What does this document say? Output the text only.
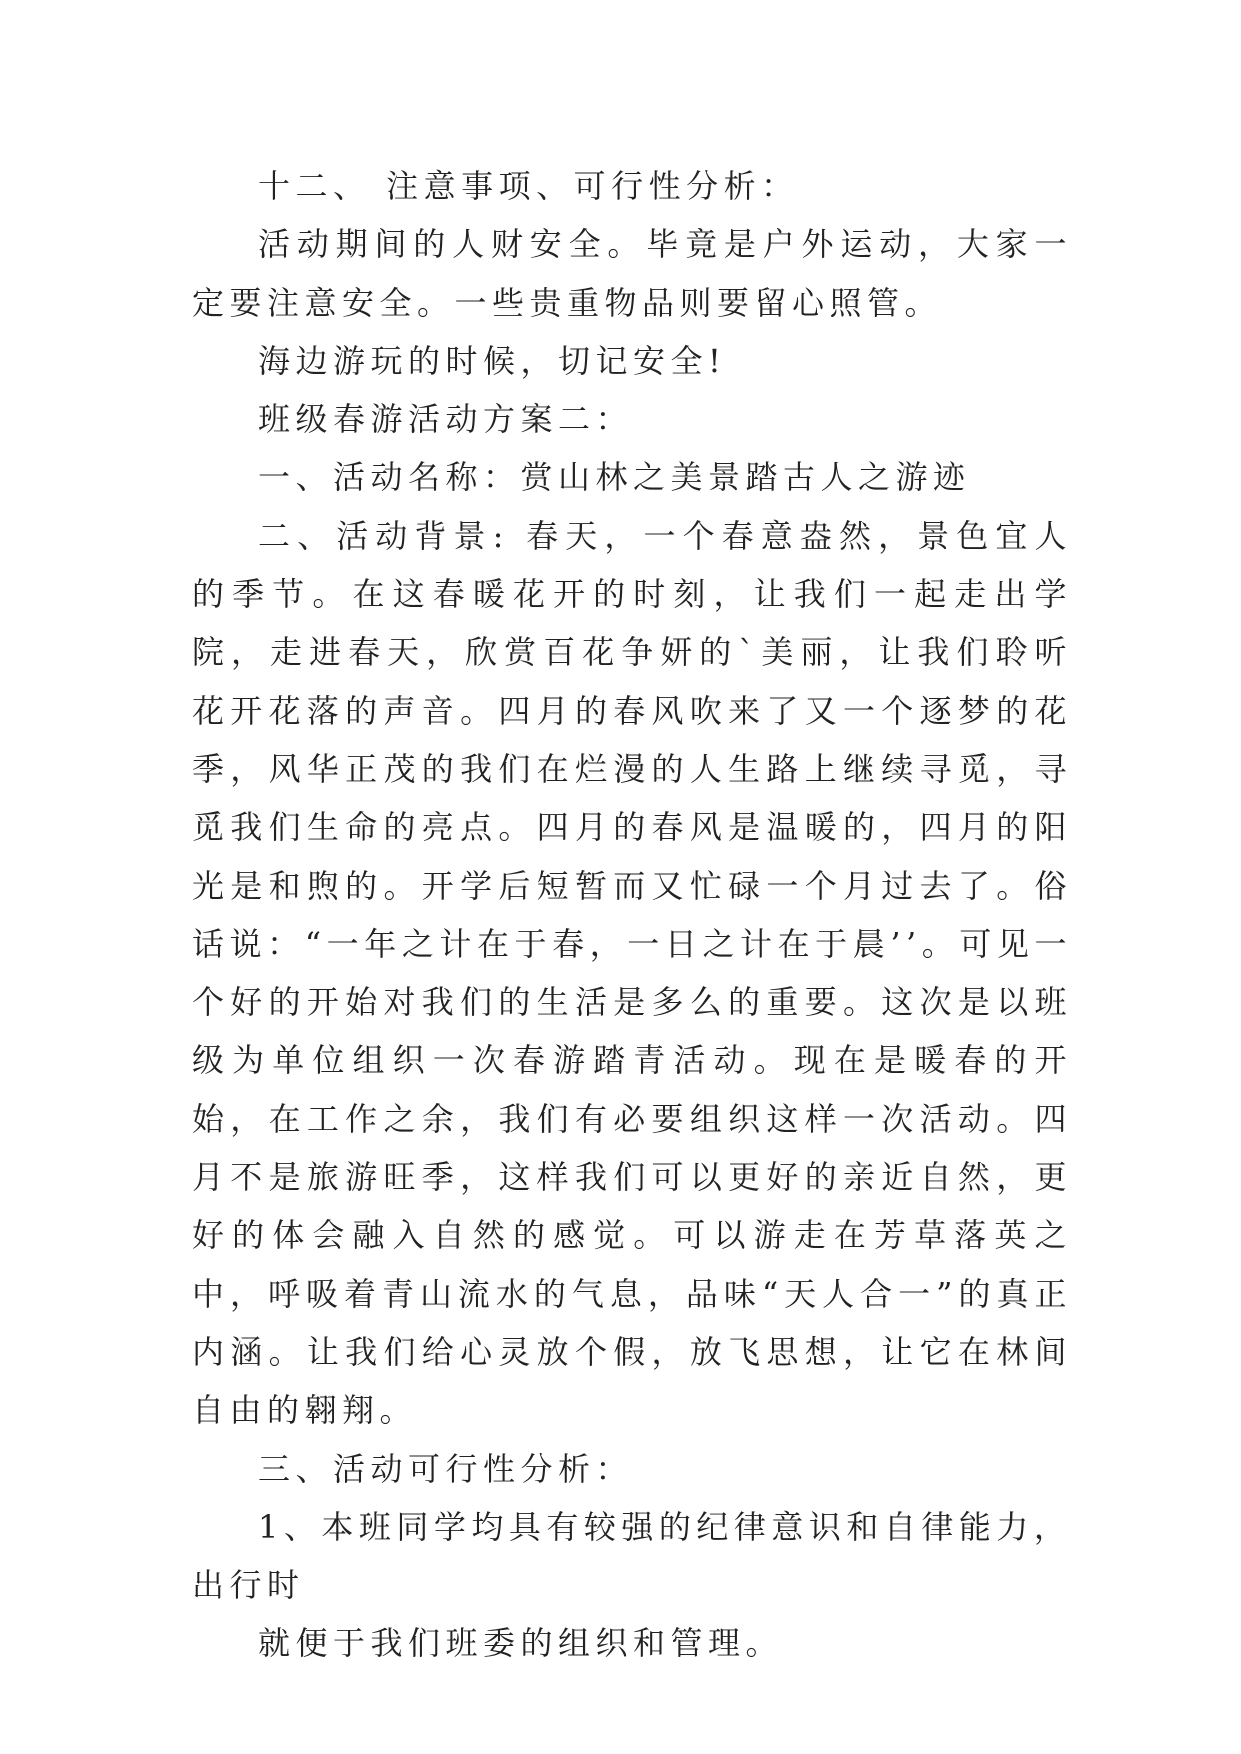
十二、 注意事项、可行性分析：

活动期间的人财安全。毕竟是户外运动，大家一定要注意安全。一些贵重物品则要留心照管。

海边游玩的时候，切记安全!

班级春游活动方案二：

一、活动名称：赏山林之美景踏古人之游迹

二、活动背景: 春天，一个春意盎然，景色宜人的季节。在这春暖花开的时刻，让我们一起走出学院，走进春天，欣赏百花争妍的`美丽，让我们聆听花开花落的声音。四月的春风吹来了又一个逐梦的花季，风华正茂的我们在烂漫的人生路上继续寻觅，寻觅我们生命的亮点。四月的春风是温暖的，四月的阳光是和煦的。开学后短暂而又忙碌一个月过去了。俗话说：“一年之计在于春，一日之计在于晨’’。可见一个好的开始对我们的生活是多么的重要。这次是以班级为单位组织一次春游踏青活动。现在是暖春的开始，在工作之余，我们有必要组织这样一次活动。四月不是旅游旺季，这样我们可以更好的亲近自然，更好的体会融入自然的感觉。可以游走在芳草落英之中，呼吸着青山流水的气息，品味“天人合一”的真正内涵。让我们给心灵放个假，放飞思想，让它在林间自由的翱翔。

三、活动可行性分析：

1、本班同学均具有较强的纪律意识和自律能力，出行时

就便于我们班委的组织和管理。
